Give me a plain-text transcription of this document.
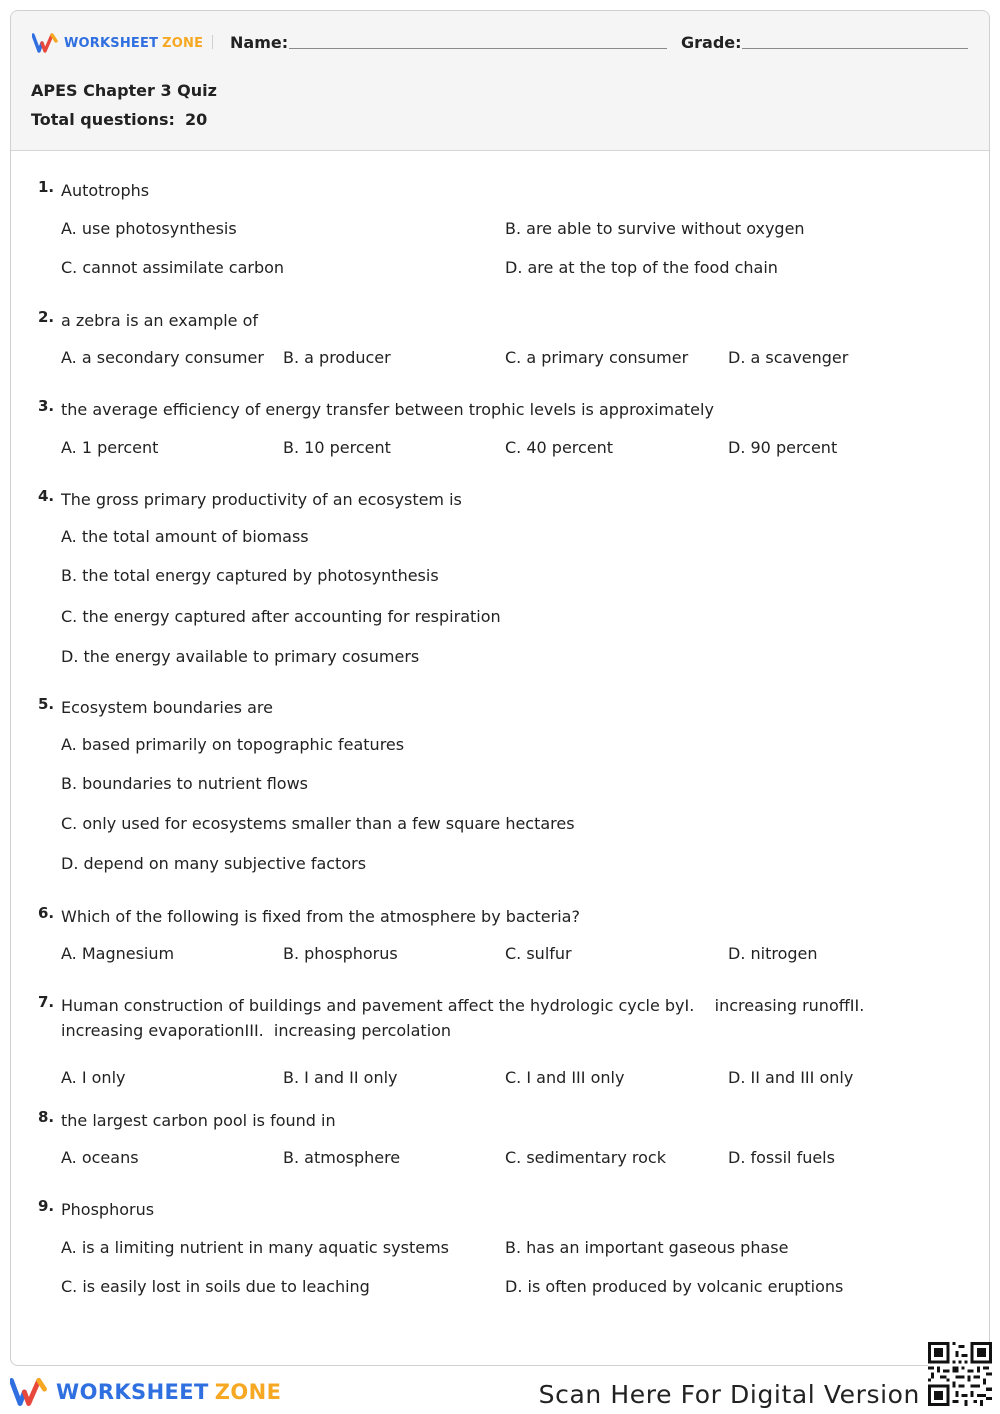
WORKSHEET ZONE Name:	Grade:
APES Chapter 3 Quiz
Total questions: 20
1. Autotrophs
A. use photosynthesis	B. are able to survive without oxygen
C. cannot assimilate carbon	D. are at the top of the food chain
2. a zebra is an example of
A. a secondary consumer B. a producer	C. a primary consumer D. a scavenger
3. the average efficiency of energy transfer between trophic levels is approximately
A. 1 percent	B. 10 percent	C. 40 percent	D. 90 percent
4. The gross primary productivity of an ecosystem is
A. the total amount of biomass
B. the total energy captured by photosynthesis
C. the energy captured after accounting for respiration
D. the energy available to primary cosumers
5. Ecosystem boundaries are
A. based primarily on topographic features
B. boundaries to nutrient flows
C. only used for ecosystems smaller than a few square hectares
D. depend on many subjective factors
6. Which of the following is fixed from the atmosphere by bacteria?
A. Magnesium	B. phosphorus	C. sulfur	D. nitrogen
7. Human construction of buildings and pavement affect the hydrologic cycle byI.    increasing runoffII.  increasing evaporationIII.  increasing percolation
A. I only	B. I and II only	C. I and III only	D. II and III only
8. the largest carbon pool is found in
A. oceans	B. atmosphere	C. sedimentary rock	D. fossil fuels
9. Phosphorus
A. is a limiting nutrient in many aquatic systems	B. has an important gaseous phase
C. is easily lost in soils due to leaching	D. is often produced by volcanic eruptions
WORKSHEET ZONE	Scan Here For Digital Version
